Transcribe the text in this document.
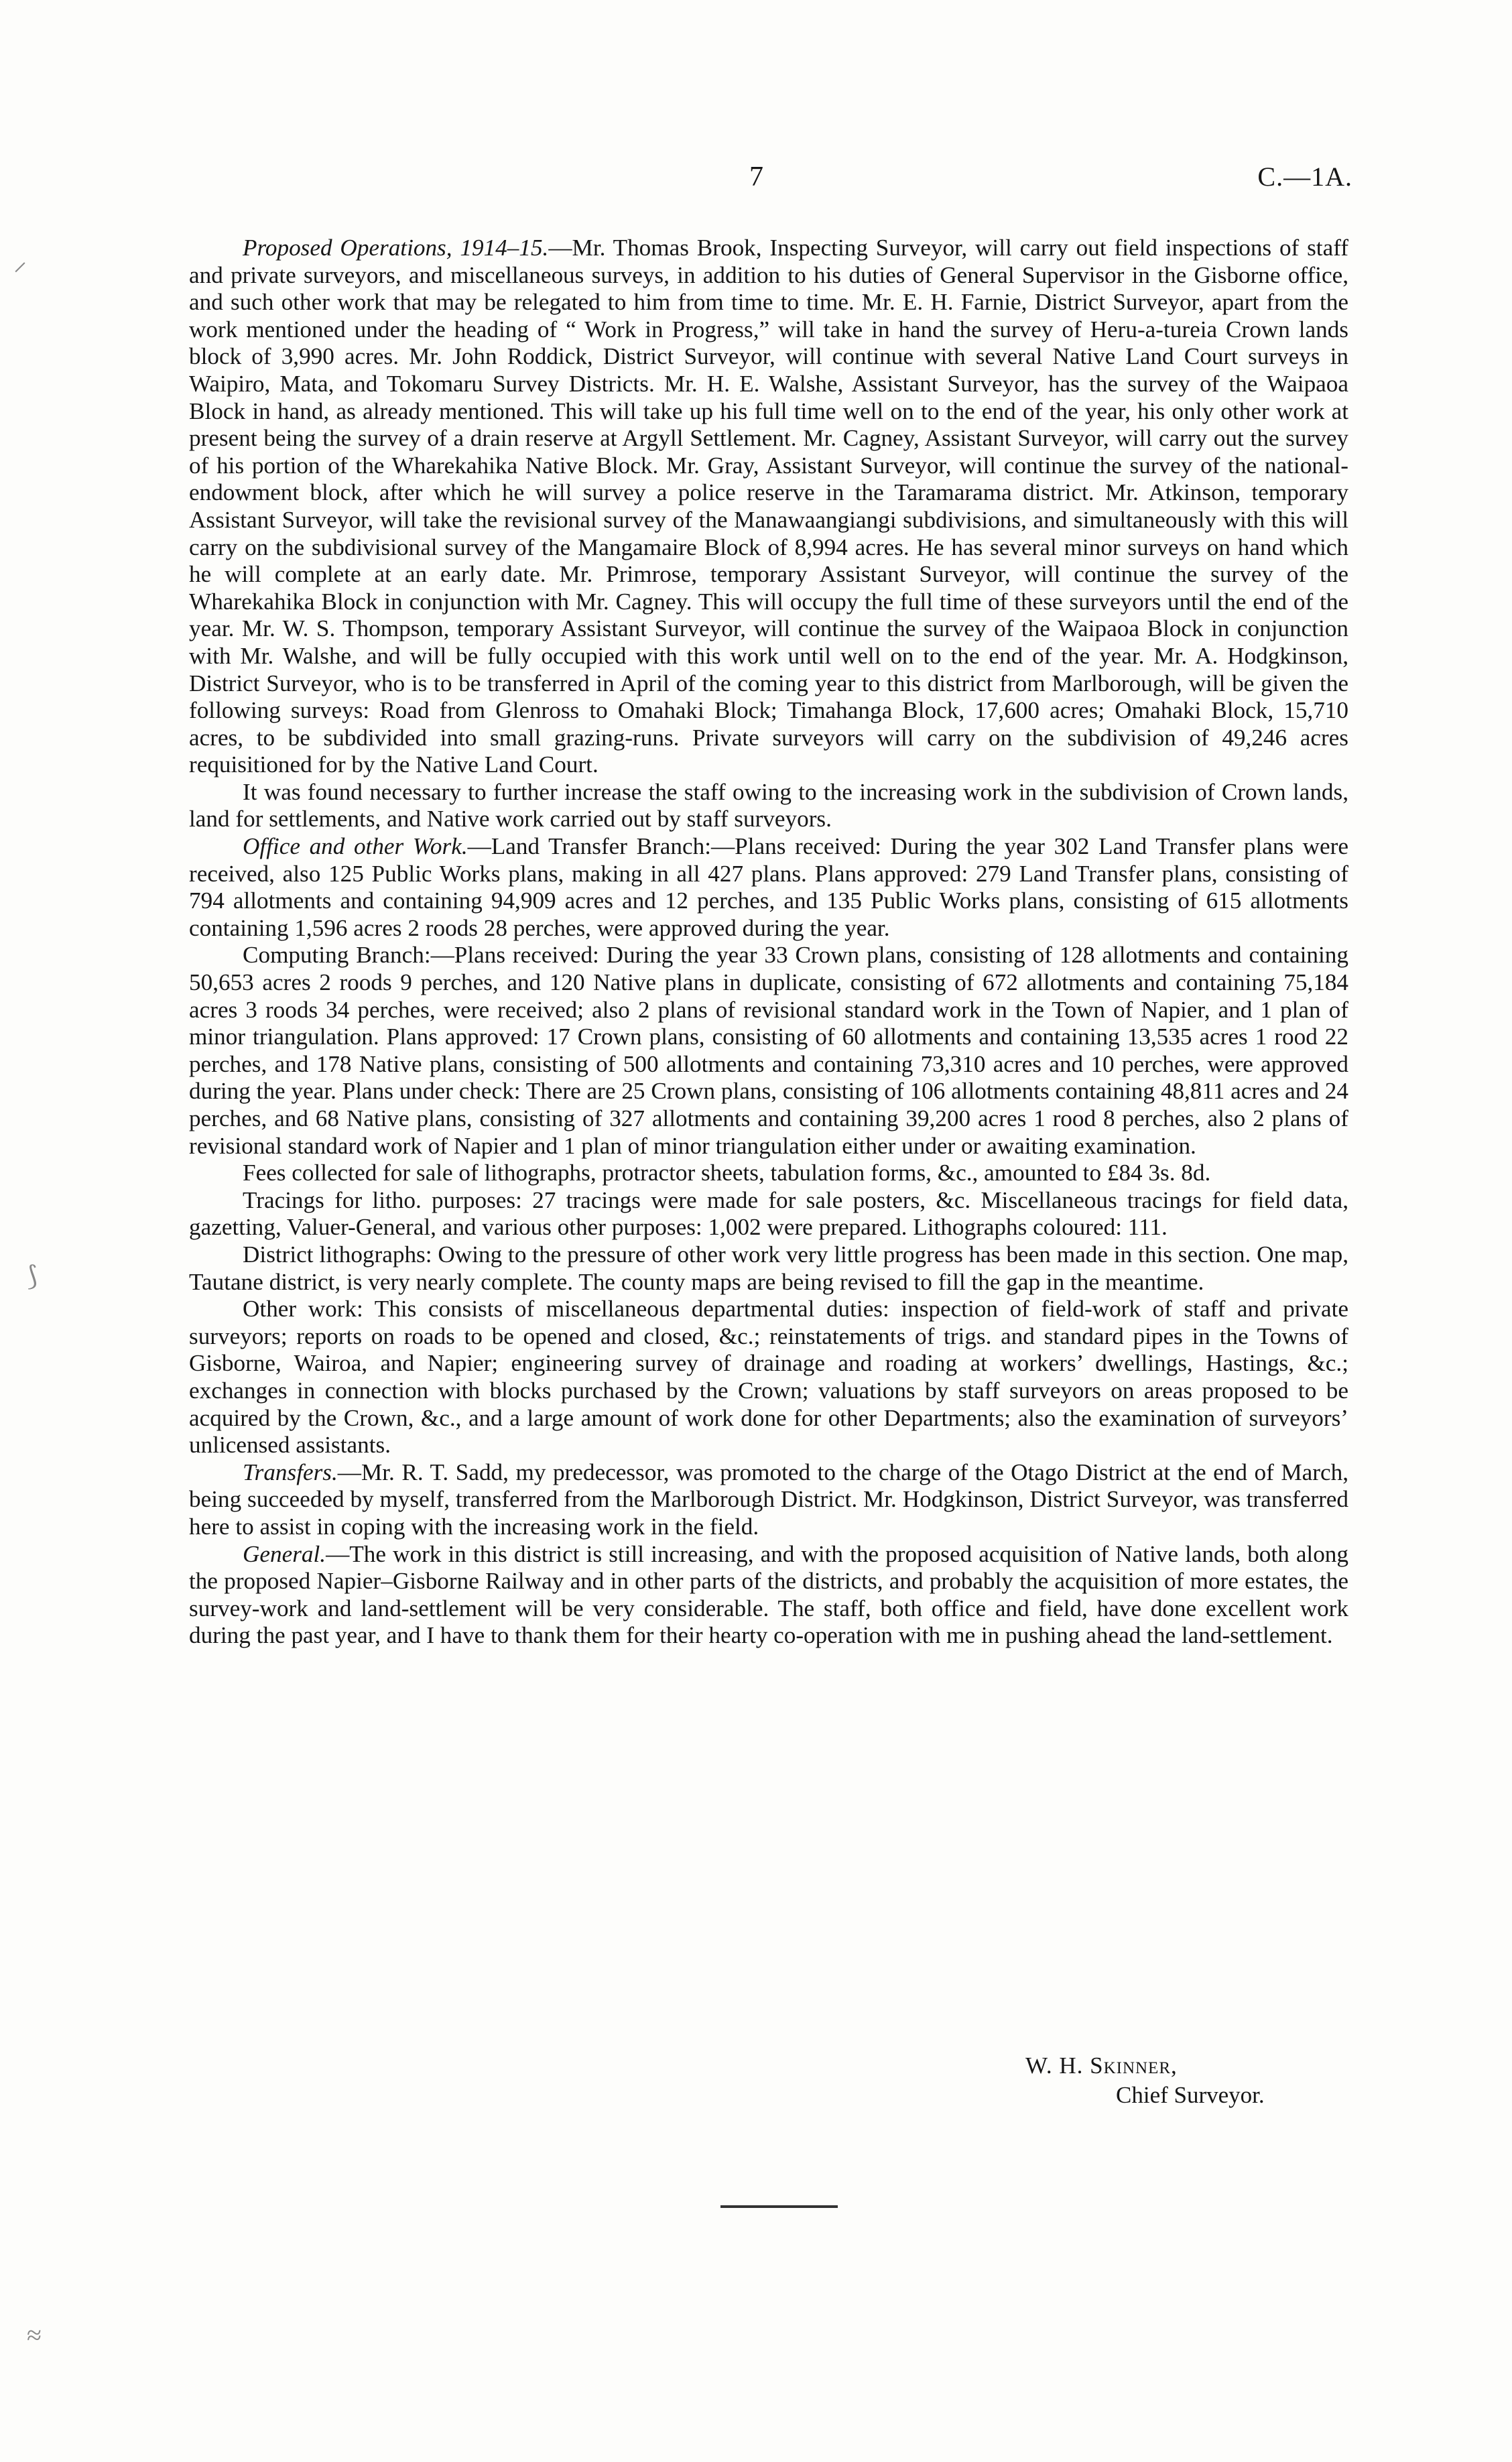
7	C.—1A.

Proposed Operations, 1914–15.—Mr. Thomas Brook, Inspecting Surveyor, will carry out field inspections of staff and private surveyors, and miscellaneous surveys, in addition to his duties of General Supervisor in the Gisborne office, and such other work that may be relegated to him from time to time. Mr. E. H. Farnie, District Surveyor, apart from the work mentioned under the heading of “ Work in Progress,” will take in hand the survey of Heru-a-tureia Crown lands block of 3,990 acres. Mr. John Roddick, District Surveyor, will continue with several Native Land Court surveys in Waipiro, Mata, and Tokomaru Survey Districts. Mr. H. E. Walshe, Assistant Surveyor, has the survey of the Waipaoa Block in hand, as already mentioned. This will take up his full time well on to the end of the year, his only other work at present being the survey of a drain reserve at Argyll Settlement. Mr. Cagney, Assistant Surveyor, will carry out the survey of his portion of the Wharekahika Native Block. Mr. Gray, Assistant Surveyor, will continue the survey of the national-endowment block, after which he will survey a police reserve in the Taramarama district. Mr. Atkinson, temporary Assistant Surveyor, will take the revisional survey of the Manawaangiangi subdivisions, and simultaneously with this will carry on the subdivisional survey of the Mangamaire Block of 8,994 acres. He has several minor surveys on hand which he will complete at an early date. Mr. Primrose, temporary Assistant Surveyor, will continue the survey of the Wharekahika Block in conjunction with Mr. Cagney. This will occupy the full time of these surveyors until the end of the year. Mr. W. S. Thompson, temporary Assistant Surveyor, will continue the survey of the Waipaoa Block in conjunction with Mr. Walshe, and will be fully occupied with this work until well on to the end of the year. Mr. A. Hodgkinson, District Surveyor, who is to be transferred in April of the coming year to this district from Marlborough, will be given the following surveys: Road from Glenross to Omahaki Block; Timahanga Block, 17,600 acres; Omahaki Block, 15,710 acres, to be subdivided into small grazing-runs. Private surveyors will carry on the subdivision of 49,246 acres requisitioned for by the Native Land Court.

It was found necessary to further increase the staff owing to the increasing work in the subdivision of Crown lands, land for settlements, and Native work carried out by staff surveyors.

Office and other Work.—Land Transfer Branch:—Plans received: During the year 302 Land Transfer plans were received, also 125 Public Works plans, making in all 427 plans. Plans approved: 279 Land Transfer plans, consisting of 794 allotments and containing 94,909 acres and 12 perches, and 135 Public Works plans, consisting of 615 allotments containing 1,596 acres 2 roods 28 perches, were approved during the year.

Computing Branch:—Plans received: During the year 33 Crown plans, consisting of 128 allotments and containing 50,653 acres 2 roods 9 perches, and 120 Native plans in duplicate, consisting of 672 allotments and containing 75,184 acres 3 roods 34 perches, were received; also 2 plans of revisional standard work in the Town of Napier, and 1 plan of minor triangulation. Plans approved: 17 Crown plans, consisting of 60 allotments and containing 13,535 acres 1 rood 22 perches, and 178 Native plans, consisting of 500 allotments and containing 73,310 acres and 10 perches, were approved during the year. Plans under check: There are 25 Crown plans, consisting of 106 allotments containing 48,811 acres and 24 perches, and 68 Native plans, consisting of 327 allotments and containing 39,200 acres 1 rood 8 perches, also 2 plans of revisional standard work of Napier and 1 plan of minor triangulation either under or awaiting examination.

Fees collected for sale of lithographs, protractor sheets, tabulation forms, &c., amounted to £84 3s. 8d.

Tracings for litho. purposes: 27 tracings were made for sale posters, &c. Miscellaneous tracings for field data, gazetting, Valuer-General, and various other purposes: 1,002 were prepared. Lithographs coloured: 111.

District lithographs: Owing to the pressure of other work very little progress has been made in this section. One map, Tautane district, is very nearly complete. The county maps are being revised to fill the gap in the meantime.

Other work: This consists of miscellaneous departmental duties: inspection of field-work of staff and private surveyors; reports on roads to be opened and closed, &c.; reinstatements of trigs. and standard pipes in the Towns of Gisborne, Wairoa, and Napier; engineering survey of drainage and roading at workers’ dwellings, Hastings, &c.; exchanges in connection with blocks purchased by the Crown; valuations by staff surveyors on areas proposed to be acquired by the Crown, &c., and a large amount of work done for other Departments; also the examination of surveyors’ unlicensed assistants.

Transfers.—Mr. R. T. Sadd, my predecessor, was promoted to the charge of the Otago District at the end of March, being succeeded by myself, transferred from the Marlborough District. Mr. Hodgkinson, District Surveyor, was transferred here to assist in coping with the increasing work in the field.

General.—The work in this district is still increasing, and with the proposed acquisition of Native lands, both along the proposed Napier–Gisborne Railway and in other parts of the districts, and probably the acquisition of more estates, the survey-work and land-settlement will be very considerable. The staff, both office and field, have done excellent work during the past year, and I have to thank them for their hearty co-operation with me in pushing ahead the land-settlement.

W. H. Skinner,
Chief Surveyor.
⸝
⟆
≈
